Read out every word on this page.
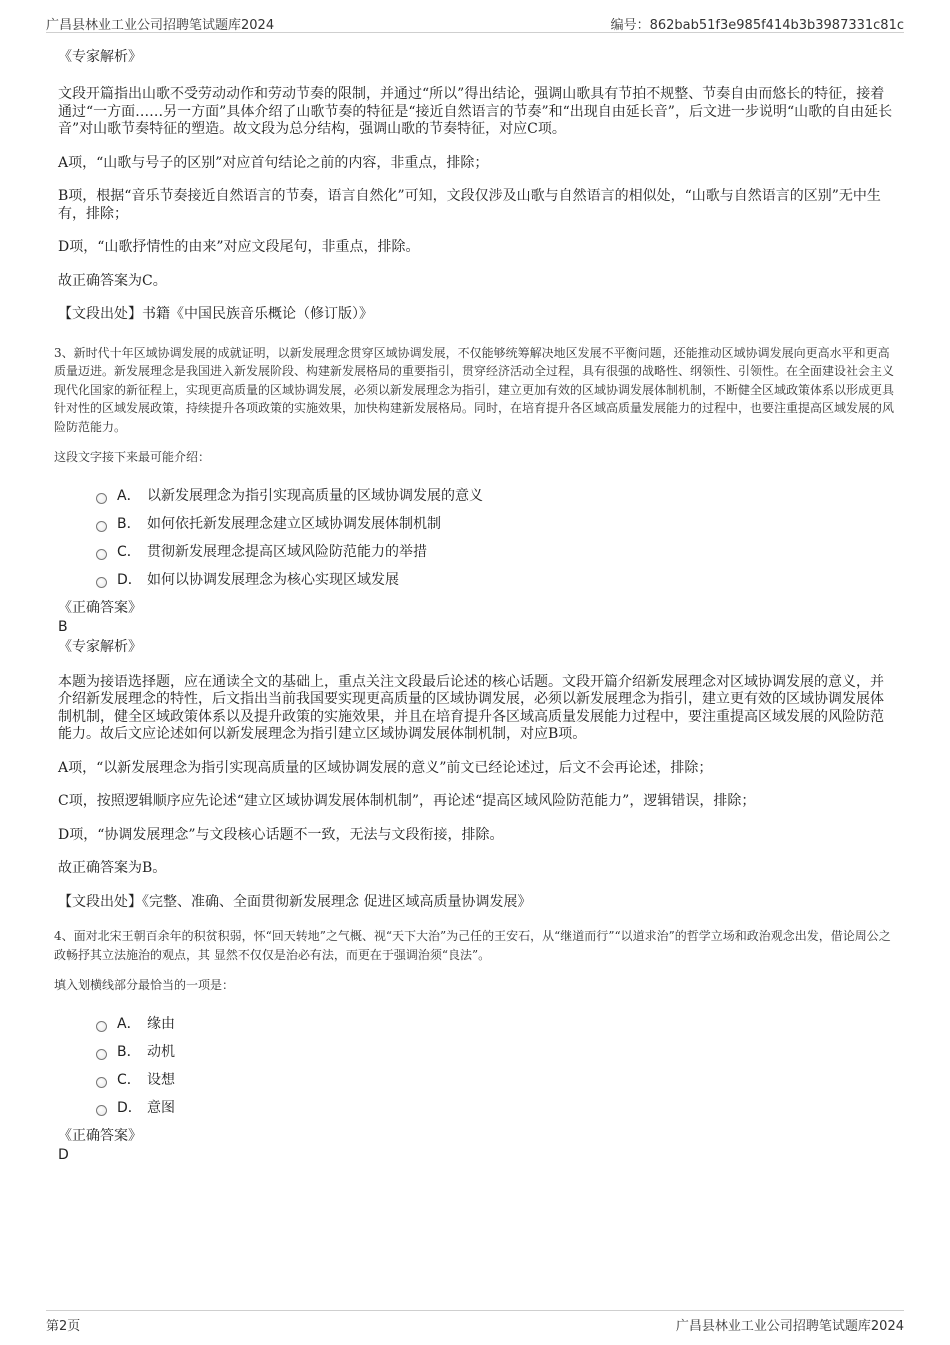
广昌县林业工业公司招聘笔试题库2024	编号：862bab51f3e985f414b3b3987331c81c

《专家解析》

文段开篇指出山歌不受劳动动作和劳动节奏的限制，并通过“所以”得出结论，强调山歌具有节拍不规整、节奏自由而悠长的特征，接着通过“一方面……另一方面”具体介绍了山歌节奏的特征是“接近自然语言的节奏”和“出现自由延长音”，后文进一步说明“山歌的自由延长音”对山歌节奏特征的塑造。故文段为总分结构，强调山歌的节奏特征，对应C项。

A项，“山歌与号子的区别”对应首句结论之前的内容，非重点，排除；

B项，根据“音乐节奏接近自然语言的节奏，语言自然化”可知，文段仅涉及山歌与自然语言的相似处，“山歌与自然语言的区别”无中生有，排除；

D项，“山歌抒情性的由来”对应文段尾句，非重点，排除。

故正确答案为C。

【文段出处】书籍《中国民族音乐概论（修订版）》

3、新时代十年区域协调发展的成就证明，以新发展理念贯穿区域协调发展，不仅能够统筹解决地区发展不平衡问题，还能推动区域协调发展向更高水平和更高质量迈进。新发展理念是我国进入新发展阶段、构建新发展格局的重要指引，贯穿经济活动全过程，具有很强的战略性、纲领性、引领性。在全面建设社会主义现代化国家的新征程上，实现更高质量的区域协调发展，必须以新发展理念为指引，建立更加有效的区域协调发展体制机制，不断健全区域政策体系以形成更具针对性的区域发展政策，持续提升各项政策的实施效果，加快构建新发展格局。同时，在培育提升各区域高质量发展能力的过程中，也要注重提高区域发展的风险防范能力。

这段文字接下来最可能介绍：

A． 以新发展理念为指引实现高质量的区域协调发展的意义
B． 如何依托新发展理念建立区域协调发展体制机制
C． 贯彻新发展理念提高区域风险防范能力的举措
D． 如何以协调发展理念为核心实现区域发展

《正确答案》

B

《专家解析》

本题为接语选择题，应在通读全文的基础上，重点关注文段最后论述的核心话题。文段开篇介绍新发展理念对区域协调发展的意义，并介绍新发展理念的特性，后文指出当前我国要实现更高质量的区域协调发展，必须以新发展理念为指引，建立更有效的区域协调发展体制机制，健全区域政策体系以及提升政策的实施效果，并且在培育提升各区域高质量发展能力过程中，要注重提高区域发展的风险防范能力。故后文应论述如何以新发展理念为指引建立区域协调发展体制机制，对应B项。

A项，“以新发展理念为指引实现高质量的区域协调发展的意义”前文已经论述过，后文不会再论述，排除；

C项，按照逻辑顺序应先论述“建立区域协调发展体制机制”，再论述“提高区域风险防范能力”，逻辑错误，排除；

D项，“协调发展理念”与文段核心话题不一致，无法与文段衔接，排除。

故正确答案为B。

【文段出处】《完整、准确、全面贯彻新发展理念 促进区域高质量协调发展》

4、面对北宋王朝百余年的积贫积弱，怀“回天转地”之气概、视“天下大治”为己任的王安石，从“继道而行”“以道求治”的哲学立场和政治观念出发，借论周公之政畅抒其立法施治的观点，其 显然不仅仅是治必有法，而更在于强调治须“良法”。

填入划横线部分最恰当的一项是：

A． 缘由
B． 动机
C． 设想
D． 意图

《正确答案》

D

第2页	广昌县林业工业公司招聘笔试题库2024
